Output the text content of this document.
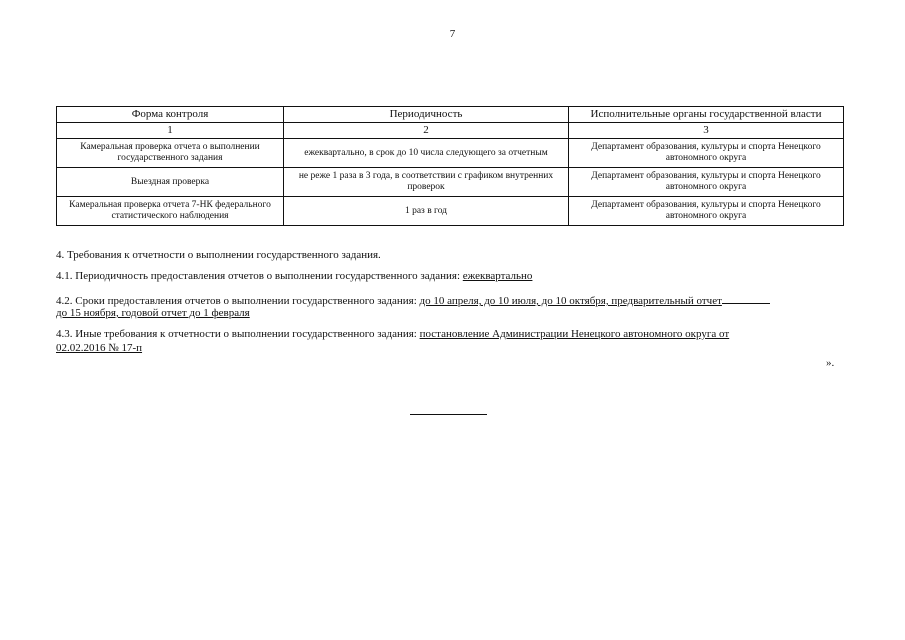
7
Форма контроля	Периодичность	Исполнительные органы государственной власти
1	2	3
Камеральная проверка отчета о выполнении государственного задания	ежеквартально, в срок до 10 числа следующего за отчетным	Департамент образования, культуры и спорта Ненецкого автономного округа
Выездная проверка	не реже 1 раза в 3 года, в соответствии с графиком внутренних проверок	Департамент образования, культуры и спорта Ненецкого автономного округа
Камеральная проверка отчета 7-НК федерального статистического наблюдения	1 раз в год	Департамент образования, культуры и спорта Ненецкого автономного округа
4. Требования к отчетности о выполнении государственного задания.
4.1. Периодичность предоставления отчетов о выполнении государственного задания: ежеквартально
4.2. Сроки предоставления отчетов о выполнении государственного задания: до 10 апреля, до 10 июля, до 10 октября, предварительный отчет
до 15 ноября, годовой отчет до 1 февраля
4.3. Иные требования к отчетности о выполнении государственного задания: постановление Администрации Ненецкого автономного округа от
02.02.2016 № 17-п
».
